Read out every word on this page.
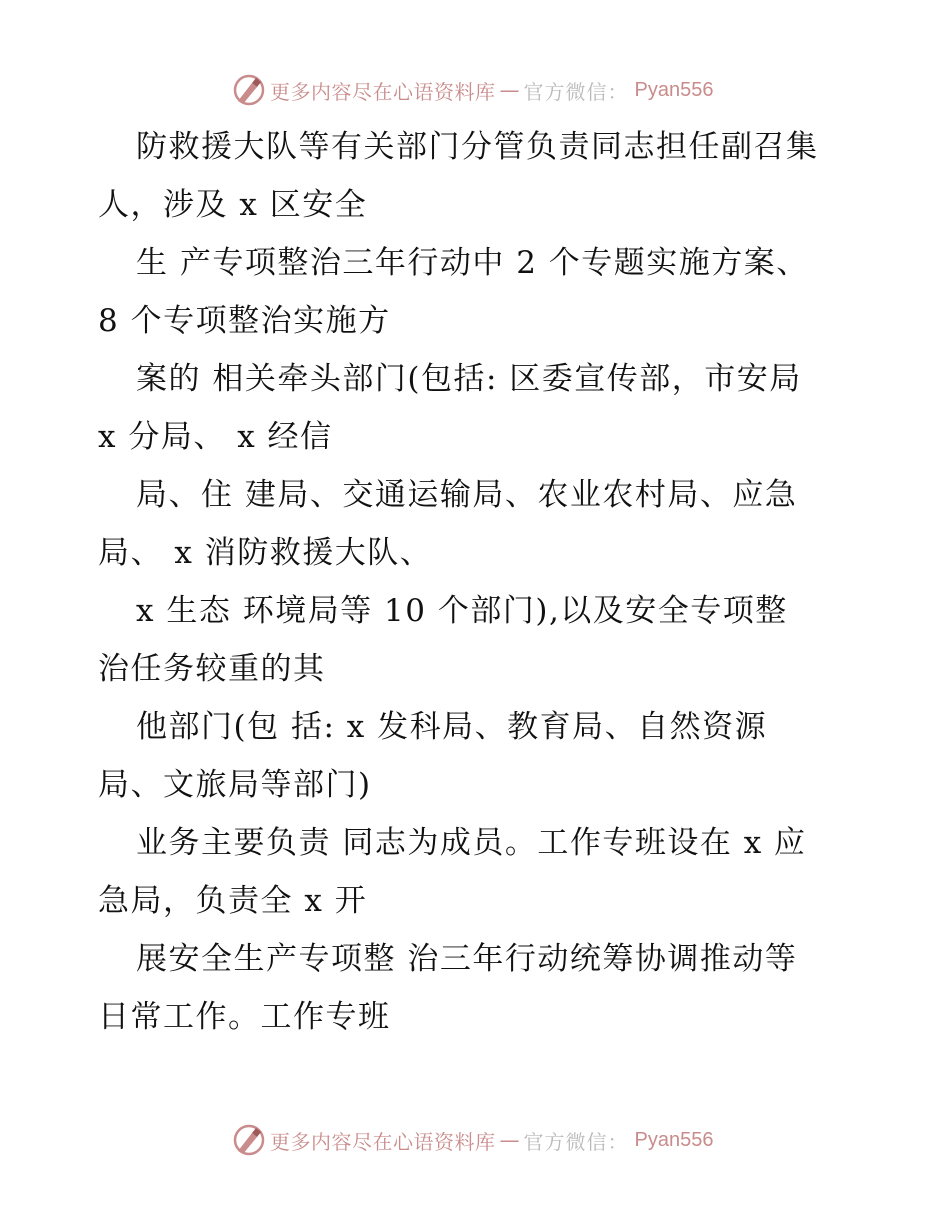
更多内容尽在心语资料库 — 官方微信： Pyan556
防救援大队等有关部门分管负责同志担任副召集
人，涉及 x 区安全
生 产专项整治三年行动中 2 个专题实施方案、
8 个专项整治实施方
案的 相关牵头部门(包括: 区委宣传部，市安局
x 分局、 x 经信
局、住 建局、交通运输局、农业农村局、应急
局、 x 消防救援大队、
x 生态 环境局等 10 个部门),以及安全专项整
治任务较重的其
他部门(包 括: x 发科局、教育局、自然资源
局、文旅局等部门)
业务主要负责 同志为成员。工作专班设在 x 应
急局，负责全 x 开
展安全生产专项整 治三年行动统筹协调推动等
日常工作。工作专班
更多内容尽在心语资料库 — 官方微信： Pyan556
